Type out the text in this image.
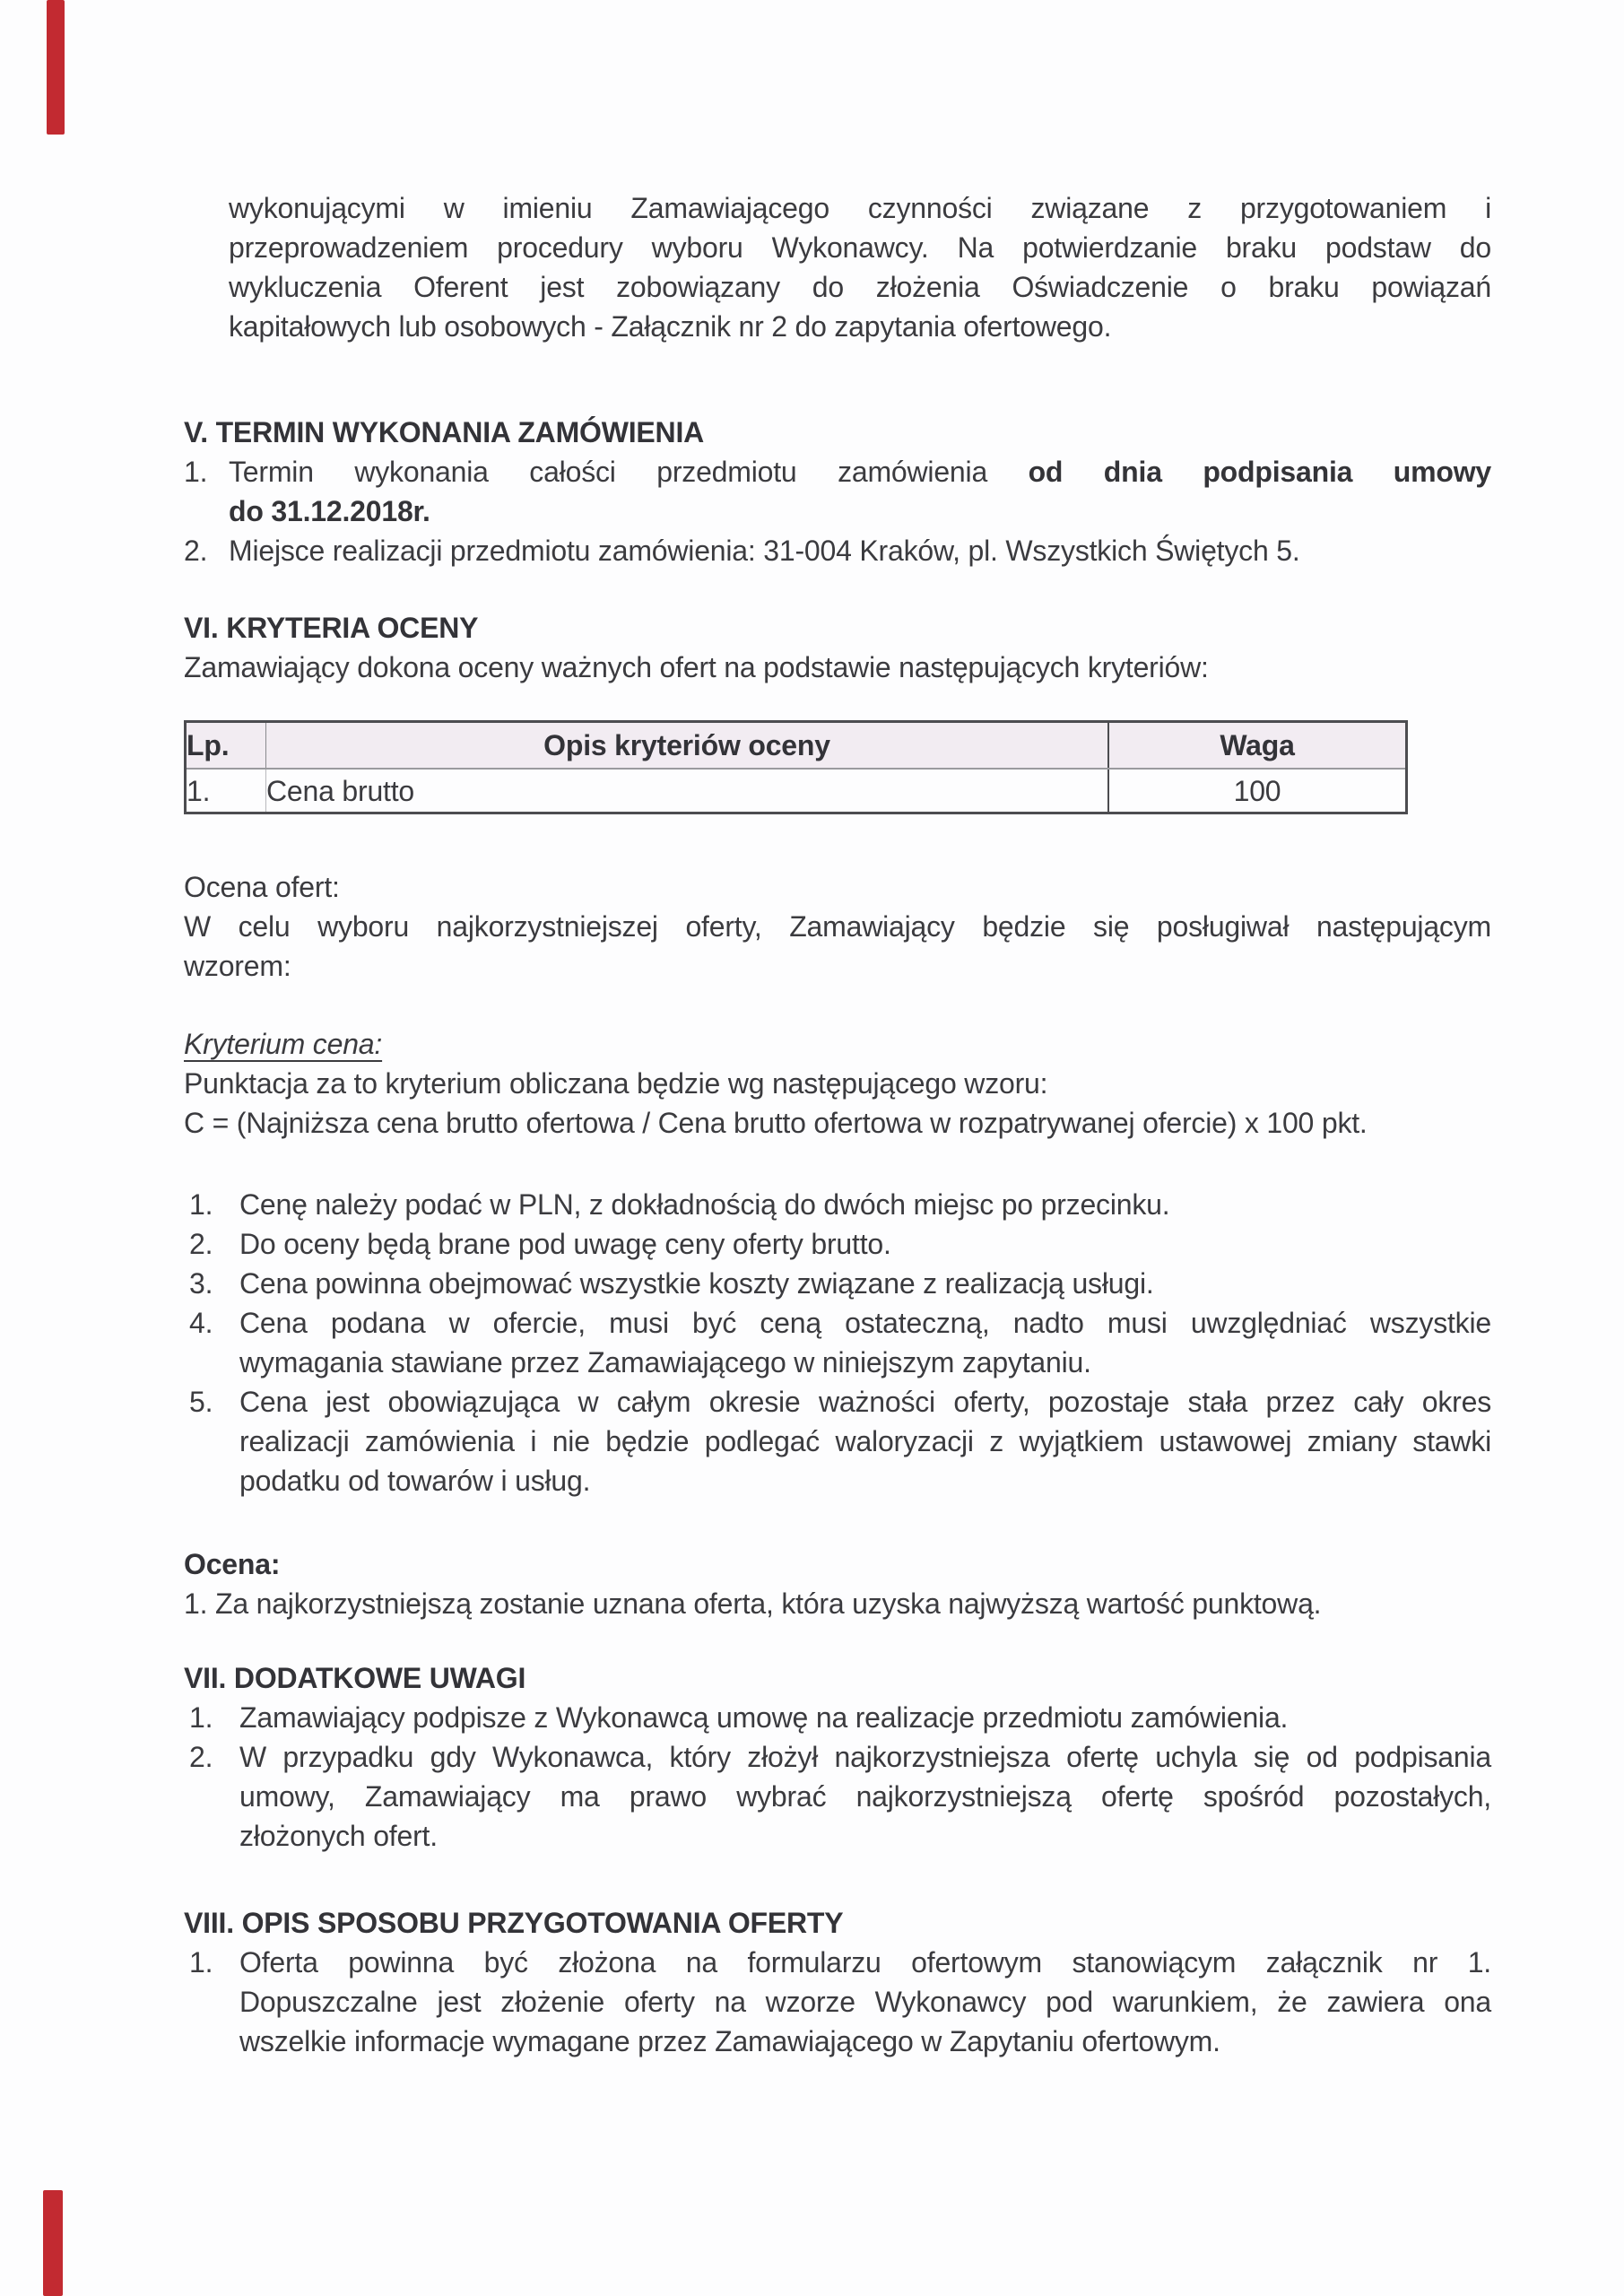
wykonującymi w imieniu Zamawiającego czynności związane z przygotowaniem i
przeprowadzeniem procedury wyboru Wykonawcy. Na potwierdzanie braku podstaw do
wykluczenia Oferent jest zobowiązany do złożenia Oświadczenie o braku powiązań
kapitałowych lub osobowych - Załącznik nr 2 do zapytania ofertowego.
V. TERMIN WYKONANIA ZAMÓWIENIA
1. Termin wykonania całości przedmiotu zamówienia od dnia podpisania umowy
do 31.12.2018r.
2. Miejsce realizacji przedmiotu zamówienia: 31-004 Kraków, pl. Wszystkich Świętych 5.
VI. KRYTERIA OCENY
Zamawiający dokona oceny ważnych ofert na podstawie następujących kryteriów:
Lp.	Opis kryteriów oceny	Waga
1.	Cena brutto	100
Ocena ofert:
W celu wyboru najkorzystniejszej oferty, Zamawiający będzie się posługiwał następującym
wzorem:
Kryterium cena:
Punktacja za to kryterium obliczana będzie wg następującego wzoru:
C = (Najniższa cena brutto ofertowa / Cena brutto ofertowa w rozpatrywanej ofercie) x 100 pkt.
1. Cenę należy podać w PLN, z dokładnością do dwóch miejsc po przecinku.
2. Do oceny będą brane pod uwagę ceny oferty brutto.
3. Cena powinna obejmować wszystkie koszty związane z realizacją usługi.
4. Cena podana w ofercie, musi być ceną ostateczną, nadto musi uwzględniać wszystkie
wymagania stawiane przez Zamawiającego w niniejszym zapytaniu.
5. Cena jest obowiązująca w całym okresie ważności oferty, pozostaje stała przez cały okres
realizacji zamówienia i nie będzie podlegać waloryzacji z wyjątkiem ustawowej zmiany stawki
podatku od towarów i usług.
Ocena:
1. Za najkorzystniejszą zostanie uznana oferta, która uzyska najwyższą wartość punktową.
VII. DODATKOWE UWAGI
1. Zamawiający podpisze z Wykonawcą umowę na realizacje przedmiotu zamówienia.
2. W przypadku gdy Wykonawca, który złożył najkorzystniejsza ofertę uchyla się od podpisania
umowy, Zamawiający ma prawo wybrać najkorzystniejszą ofertę spośród pozostałych,
złożonych ofert.
VIII. OPIS SPOSOBU PRZYGOTOWANIA OFERTY
1. Oferta powinna być złożona na formularzu ofertowym stanowiącym załącznik nr 1.
Dopuszczalne jest złożenie oferty na wzorze Wykonawcy pod warunkiem, że zawiera ona
wszelkie informacje wymagane przez Zamawiającego w Zapytaniu ofertowym.
